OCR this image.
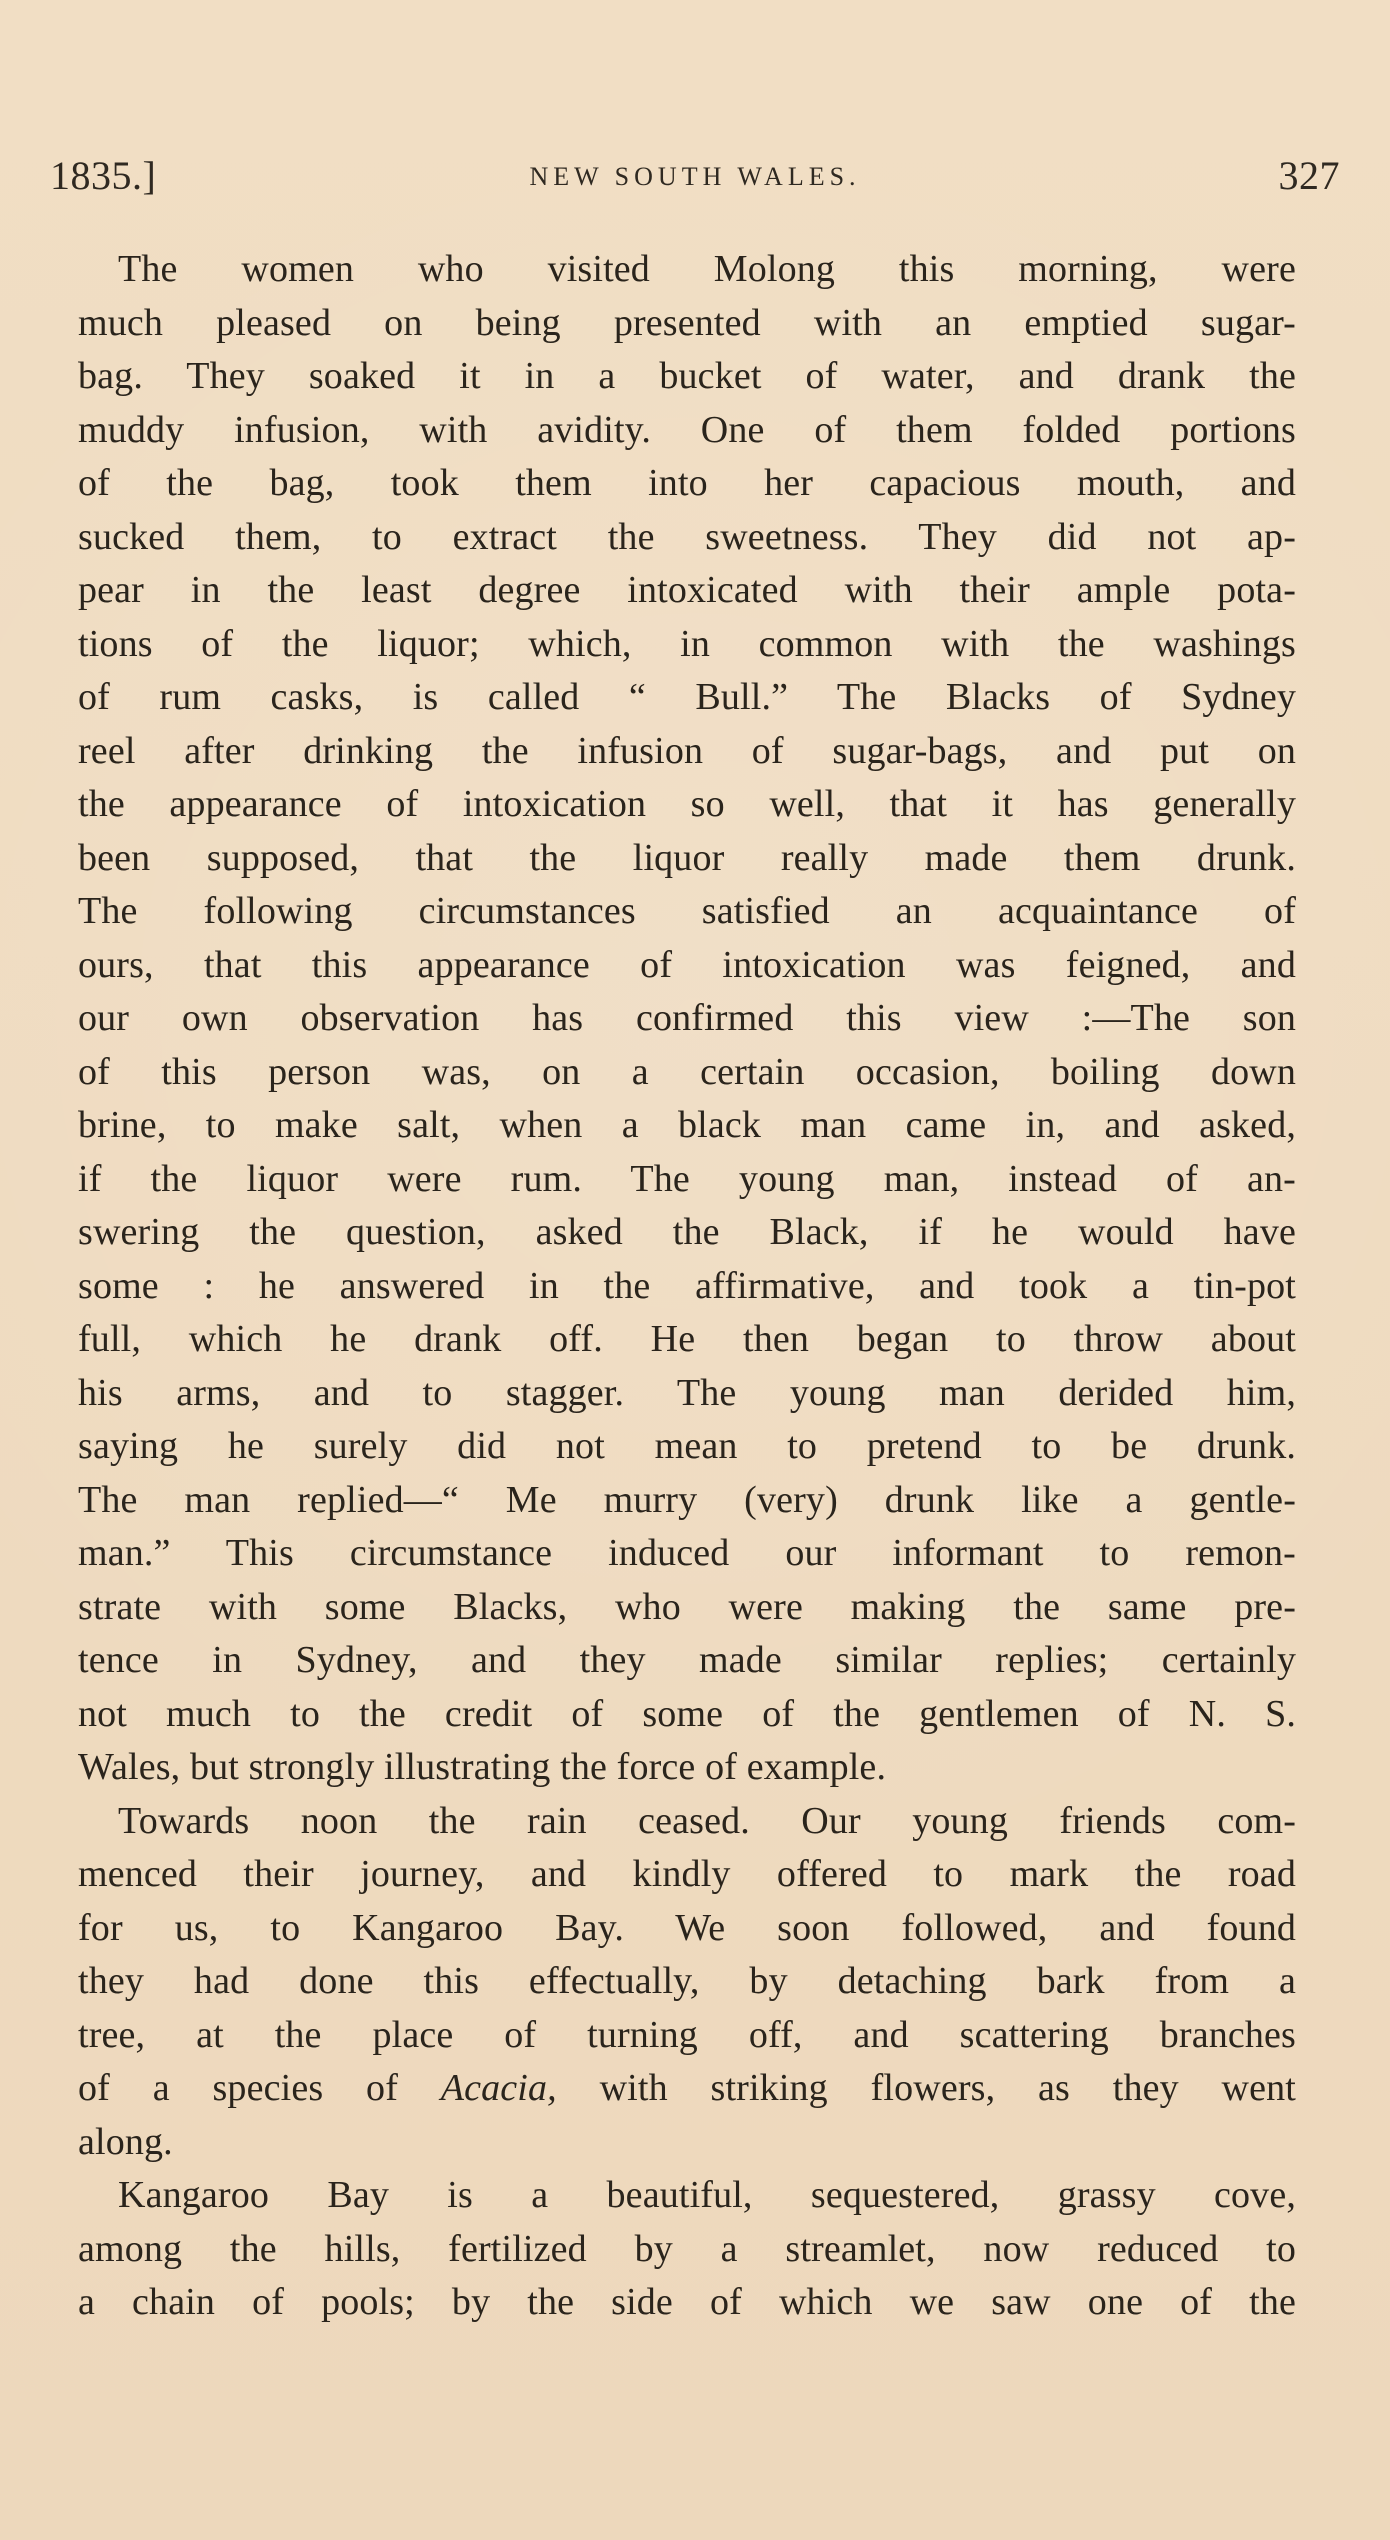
1835.]	NEW SOUTH WALES.	327
The women who visited Molong this morning, were
much pleased on being presented with an emptied sugar-
bag. They soaked it in a bucket of water, and drank the
muddy infusion, with avidity. One of them folded portions
of the bag, took them into her capacious mouth, and
sucked them, to extract the sweetness. They did not ap-
pear in the least degree intoxicated with their ample pota-
tions of the liquor; which, in common with the washings
of rum casks, is called “ Bull.” The Blacks of Sydney
reel after drinking the infusion of sugar-bags, and put on
the appearance of intoxication so well, that it has generally
been supposed, that the liquor really made them drunk.
The following circumstances satisfied an acquaintance of
ours, that this appearance of intoxication was feigned, and
our own observation has confirmed this view :—The son
of this person was, on a certain occasion, boiling down
brine, to make salt, when a black man came in, and asked,
if the liquor were rum. The young man, instead of an-
swering the question, asked the Black, if he would have
some : he answered in the affirmative, and took a tin-pot
full, which he drank off. He then began to throw about
his arms, and to stagger. The young man derided him,
saying he surely did not mean to pretend to be drunk.
The man replied—“ Me murry (very) drunk like a gentle-
man.” This circumstance induced our informant to remon-
strate with some Blacks, who were making the same pre-
tence in Sydney, and they made similar replies; certainly
not much to the credit of some of the gentlemen of N. S.
Wales, but strongly illustrating the force of example.
Towards noon the rain ceased. Our young friends com-
menced their journey, and kindly offered to mark the road
for us, to Kangaroo Bay. We soon followed, and found
they had done this effectually, by detaching bark from a
tree, at the place of turning off, and scattering branches
of a species of Acacia, with striking flowers, as they went
along.
Kangaroo Bay is a beautiful, sequestered, grassy cove,
among the hills, fertilized by a streamlet, now reduced to
a chain of pools; by the side of which we saw one of the
